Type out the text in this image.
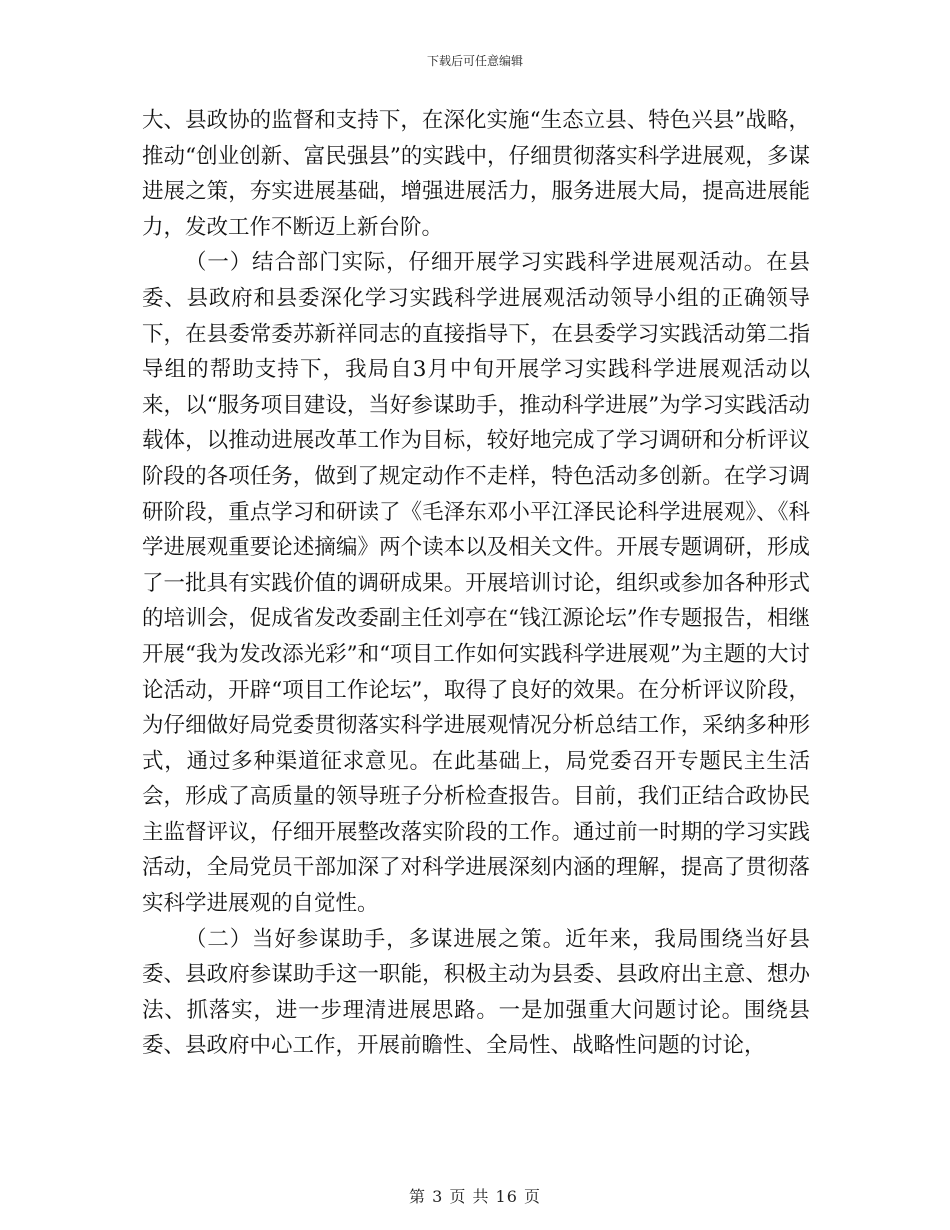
下载后可任意编辑

大、县政协的监督和支持下，在深化实施“生态立县、特色兴县”战略，推动“创业创新、富民强县”的实践中，仔细贯彻落实科学进展观，多谋进展之策，夯实进展基础，增强进展活力，服务进展大局，提高进展能力，发改工作不断迈上新台阶。

（一）结合部门实际，仔细开展学习实践科学进展观活动。在县委、县政府和县委深化学习实践科学进展观活动领导小组的正确领导下，在县委常委苏新祥同志的直接指导下，在县委学习实践活动第二指导组的帮助支持下，我局自3月中旬开展学习实践科学进展观活动以来，以“服务项目建设，当好参谋助手，推动科学进展”为学习实践活动载体，以推动进展改革工作为目标，较好地完成了学习调研和分析评议阶段的各项任务，做到了规定动作不走样，特色活动多创新。在学习调研阶段，重点学习和研读了《毛泽东邓小平江泽民论科学进展观》、《科学进展观重要论述摘编》两个读本以及相关文件。开展专题调研，形成了一批具有实践价值的调研成果。开展培训讨论，组织或参加各种形式的培训会，促成省发改委副主任刘亭在“钱江源论坛”作专题报告，相继开展“我为发改添光彩”和“项目工作如何实践科学进展观”为主题的大讨论活动，开辟“项目工作论坛”，取得了良好的效果。在分析评议阶段，为仔细做好局党委贯彻落实科学进展观情况分析总结工作，采纳多种形式，通过多种渠道征求意见。在此基础上，局党委召开专题民主生活会，形成了高质量的领导班子分析检查报告。目前，我们正结合政协民主监督评议，仔细开展整改落实阶段的工作。通过前一时期的学习实践活动，全局党员干部加深了对科学进展深刻内涵的理解，提高了贯彻落实科学进展观的自觉性。

（二）当好参谋助手，多谋进展之策。近年来，我局围绕当好县委、县政府参谋助手这一职能，积极主动为县委、县政府出主意、想办法、抓落实，进一步理清进展思路。一是加强重大问题讨论。围绕县委、县政府中心工作，开展前瞻性、全局性、战略性问题的讨论，

第 3 页 共 16 页
